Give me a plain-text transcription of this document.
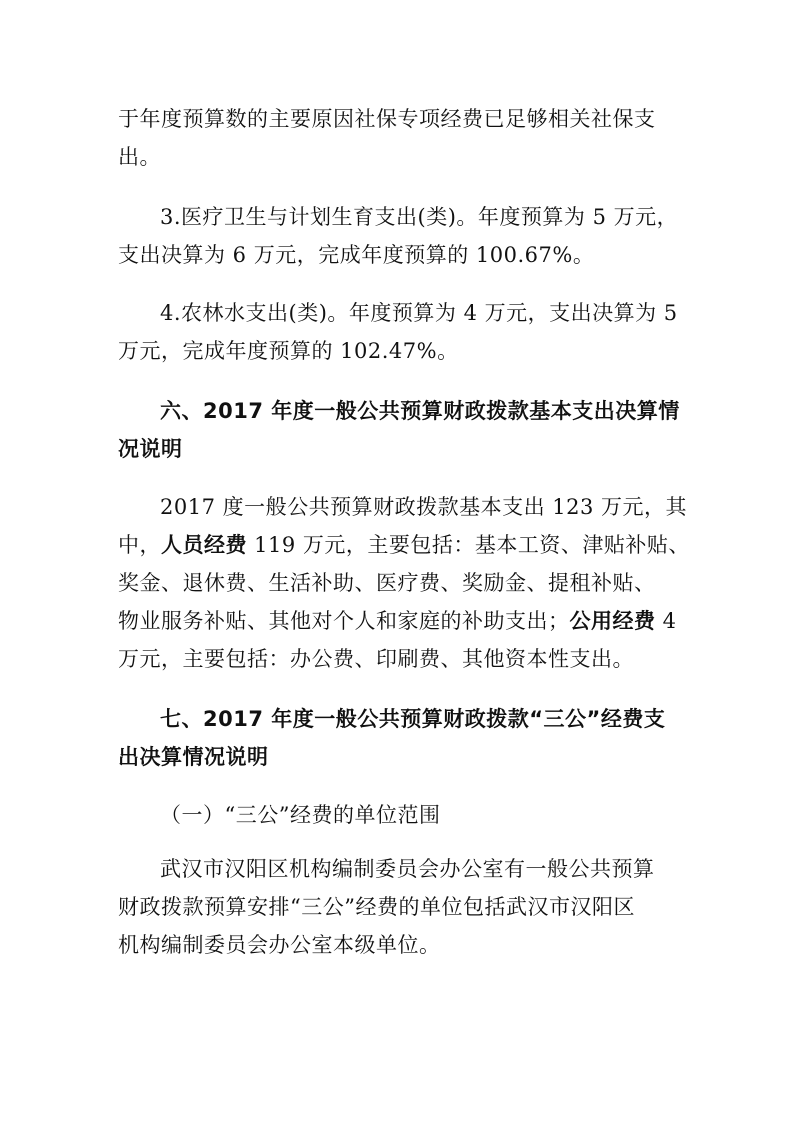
于年度预算数的主要原因社保专项经费已足够相关社保支
出。

3.医疗卫生与计划生育支出(类)。年度预算为 5 万元，
支出决算为 6 万元，完成年度预算的 100.67%。

4.农林水支出(类)。年度预算为 4 万元，支出决算为 5
万元，完成年度预算的 102.47%。

六、2017 年度一般公共预算财政拨款基本支出决算情
况说明

2017 度一般公共预算财政拨款基本支出 123 万元，其
中，人员经费 119 万元，主要包括：基本工资、津贴补贴、
奖金、退休费、生活补助、医疗费、奖励金、提租补贴、
物业服务补贴、其他对个人和家庭的补助支出；公用经费 4
万元，主要包括：办公费、印刷费、其他资本性支出。

七、2017 年度一般公共预算财政拨款“三公”经费支
出决算情况说明

（一）“三公”经费的单位范围

武汉市汉阳区机构编制委员会办公室有一般公共预算
财政拨款预算安排“三公”经费的单位包括武汉市汉阳区
机构编制委员会办公室本级单位。
